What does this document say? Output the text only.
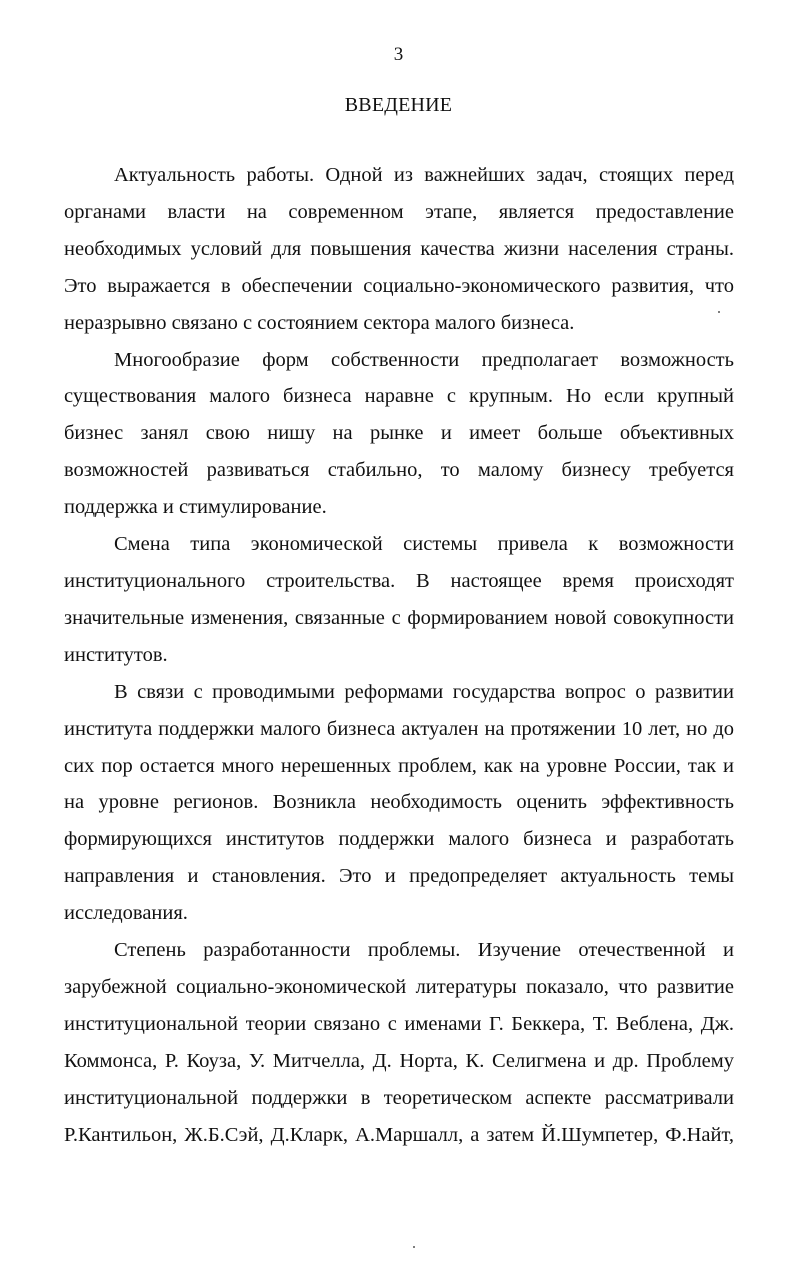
3
ВВЕДЕНИЕ

Актуальность работы. Одной из важнейших задач, стоящих перед органами власти на современном этапе, является предоставление необходимых условий для повышения качества жизни населения страны. Это выражается в обеспечении социально-экономического развития, что неразрывно связано с состоянием сектора малого бизнеса.

Многообразие форм собственности предполагает возможность существования малого бизнеса наравне с крупным. Но если крупный бизнес занял свою нишу на рынке и имеет больше объективных возможностей развиваться стабильно, то малому бизнесу требуется поддержка и стимулирование.

Смена типа экономической системы привела к возможности институционального строительства. В настоящее время происходят значительные изменения, связанные с формированием новой совокупности институтов.

В связи с проводимыми реформами государства вопрос о развитии института поддержки малого бизнеса актуален на протяжении 10 лет, но до сих пор остается много нерешенных проблем, как на уровне России, так и на уровне регионов. Возникла необходимость оценить эффективность формирующихся институтов поддержки малого бизнеса и разработать направления и становления. Это и предопределяет актуальность темы исследования.

Степень разработанности проблемы. Изучение отечественной и зарубежной социально-экономической литературы показало, что развитие институциональной теории связано с именами Г. Беккера, Т. Веблена, Дж. Коммонса, Р. Коуза, У. Митчелла, Д. Норта, К. Селигмена и др. Проблему институциональной поддержки в теоретическом аспекте рассматривали Р.Кантильон, Ж.Б.Сэй, Д.Кларк, А.Маршалл, а затем Й.Шумпетер, Ф.Найт,
